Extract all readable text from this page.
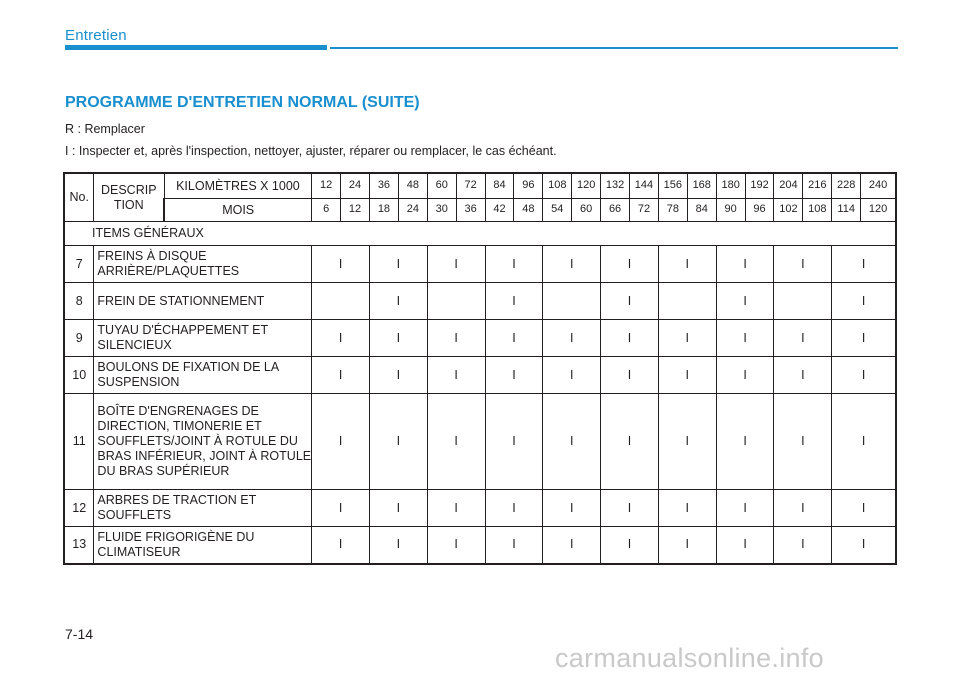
Entretien
PROGRAMME D'ENTRETIEN NORMAL (SUITE)
R : Remplacer
I : Inspecter et, après l'inspection, nettoyer, ajuster, réparer ou remplacer, le cas échéant.
No.	DESCRIP TION	KILOMÈTRES X 1000	12	24	36	48	60	72	84	96	108	120	132	144	156	168	180	192	204	216	228	240
		MOIS	6	12	18	24	30	36	42	48	54	60	66	72	78	84	90	96	102	108	114	120
ITEMS GÉNÉRAUX																						
7	FREINS À DISQUE ARRIÈRE/PLAQUETTES		I		I		I		I		I		I		I		I		I		I	
8	FREIN DE STATIONNEMENT				I				I				I				I				I	
9	TUYAU D'ÉCHAPPEMENT ET SILENCIEUX		I		I		I		I		I		I		I		I		I		I	
10	BOULONS DE FIXATION DE LA SUSPENSION		I		I		I		I		I		I		I		I		I		I	
11	BOÎTE D'ENGRENAGES DE DIRECTION, TIMONERIE ET SOUFFLETS/JOINT À ROTULE DU BRAS INFÉRIEUR, JOINT À ROTULE DU BRAS SUPÉRIEUR		I		I		I		I		I		I		I		I		I		I	
12	ARBRES DE TRACTION ET SOUFFLETS		I		I		I		I		I		I		I		I		I		I	
13	FLUIDE FRIGORIGÈNE DU CLIMATISEUR		I		I		I		I		I		I		I		I		I		I	
7-14
carmanualsonline.info
